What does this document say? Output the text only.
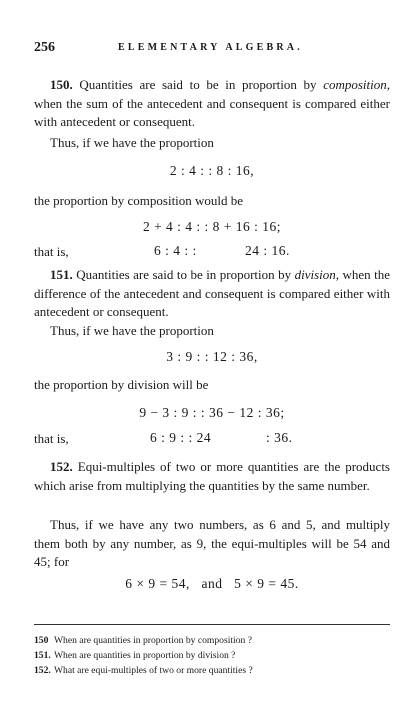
256	ELEMENTARY ALGEBRA.
150. Quantities are said to be in proportion by composition, when the sum of the antecedent and consequent is compared either with antecedent or consequent.
Thus, if we have the proportion
2 : 4 : : 8 : 16,
the proportion by composition would be
2 + 4 : 4 : : 8 + 16 : 16;
that is,	6 : 4 : :	24 : 16.
151. Quantities are said to be in proportion by division, when the difference of the antecedent and consequent is compared either with antecedent or consequent.
Thus, if we have the proportion
3 : 9 : : 12 : 36,
the proportion by division will be
9 − 3 : 9 : : 36 − 12 : 36;
that is,	6 : 9 : : 24	: 36.
152. Equi-multiples of two or more quantities are the products which arise from multiplying the quantities by the same number.
Thus, if we have any two numbers, as 6 and 5, and multiply them both by any number, as 9, the equi-multiples will be 54 and 45; for
6 × 9 = 54,   and   5 × 9 = 45.
150 When are quantities in proportion by composition ?
151. When are quantities in proportion by division ?
152. What are equi-multiples of two or more quantities ?
